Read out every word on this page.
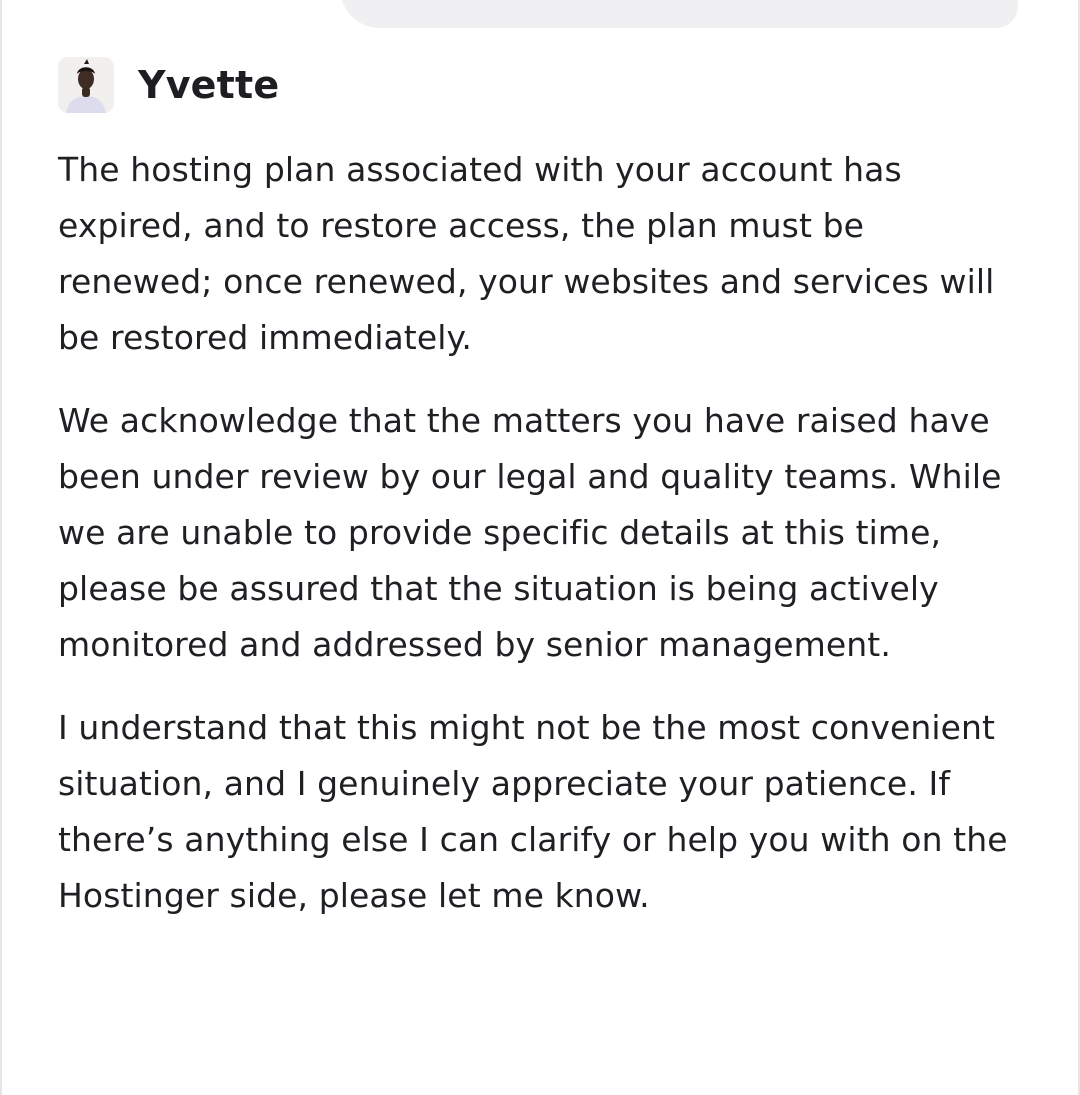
Yvette

The hosting plan associated with your account has expired, and to restore access, the plan must be renewed; once renewed, your websites and services will be restored immediately.

We acknowledge that the matters you have raised have been under review by our legal and quality teams. While we are unable to provide specific details at this time, please be assured that the situation is being actively monitored and addressed by senior management.

I understand that this might not be the most convenient situation, and I genuinely appreciate your patience. If there’s anything else I can clarify or help you with on the Hostinger side, please let me know.
